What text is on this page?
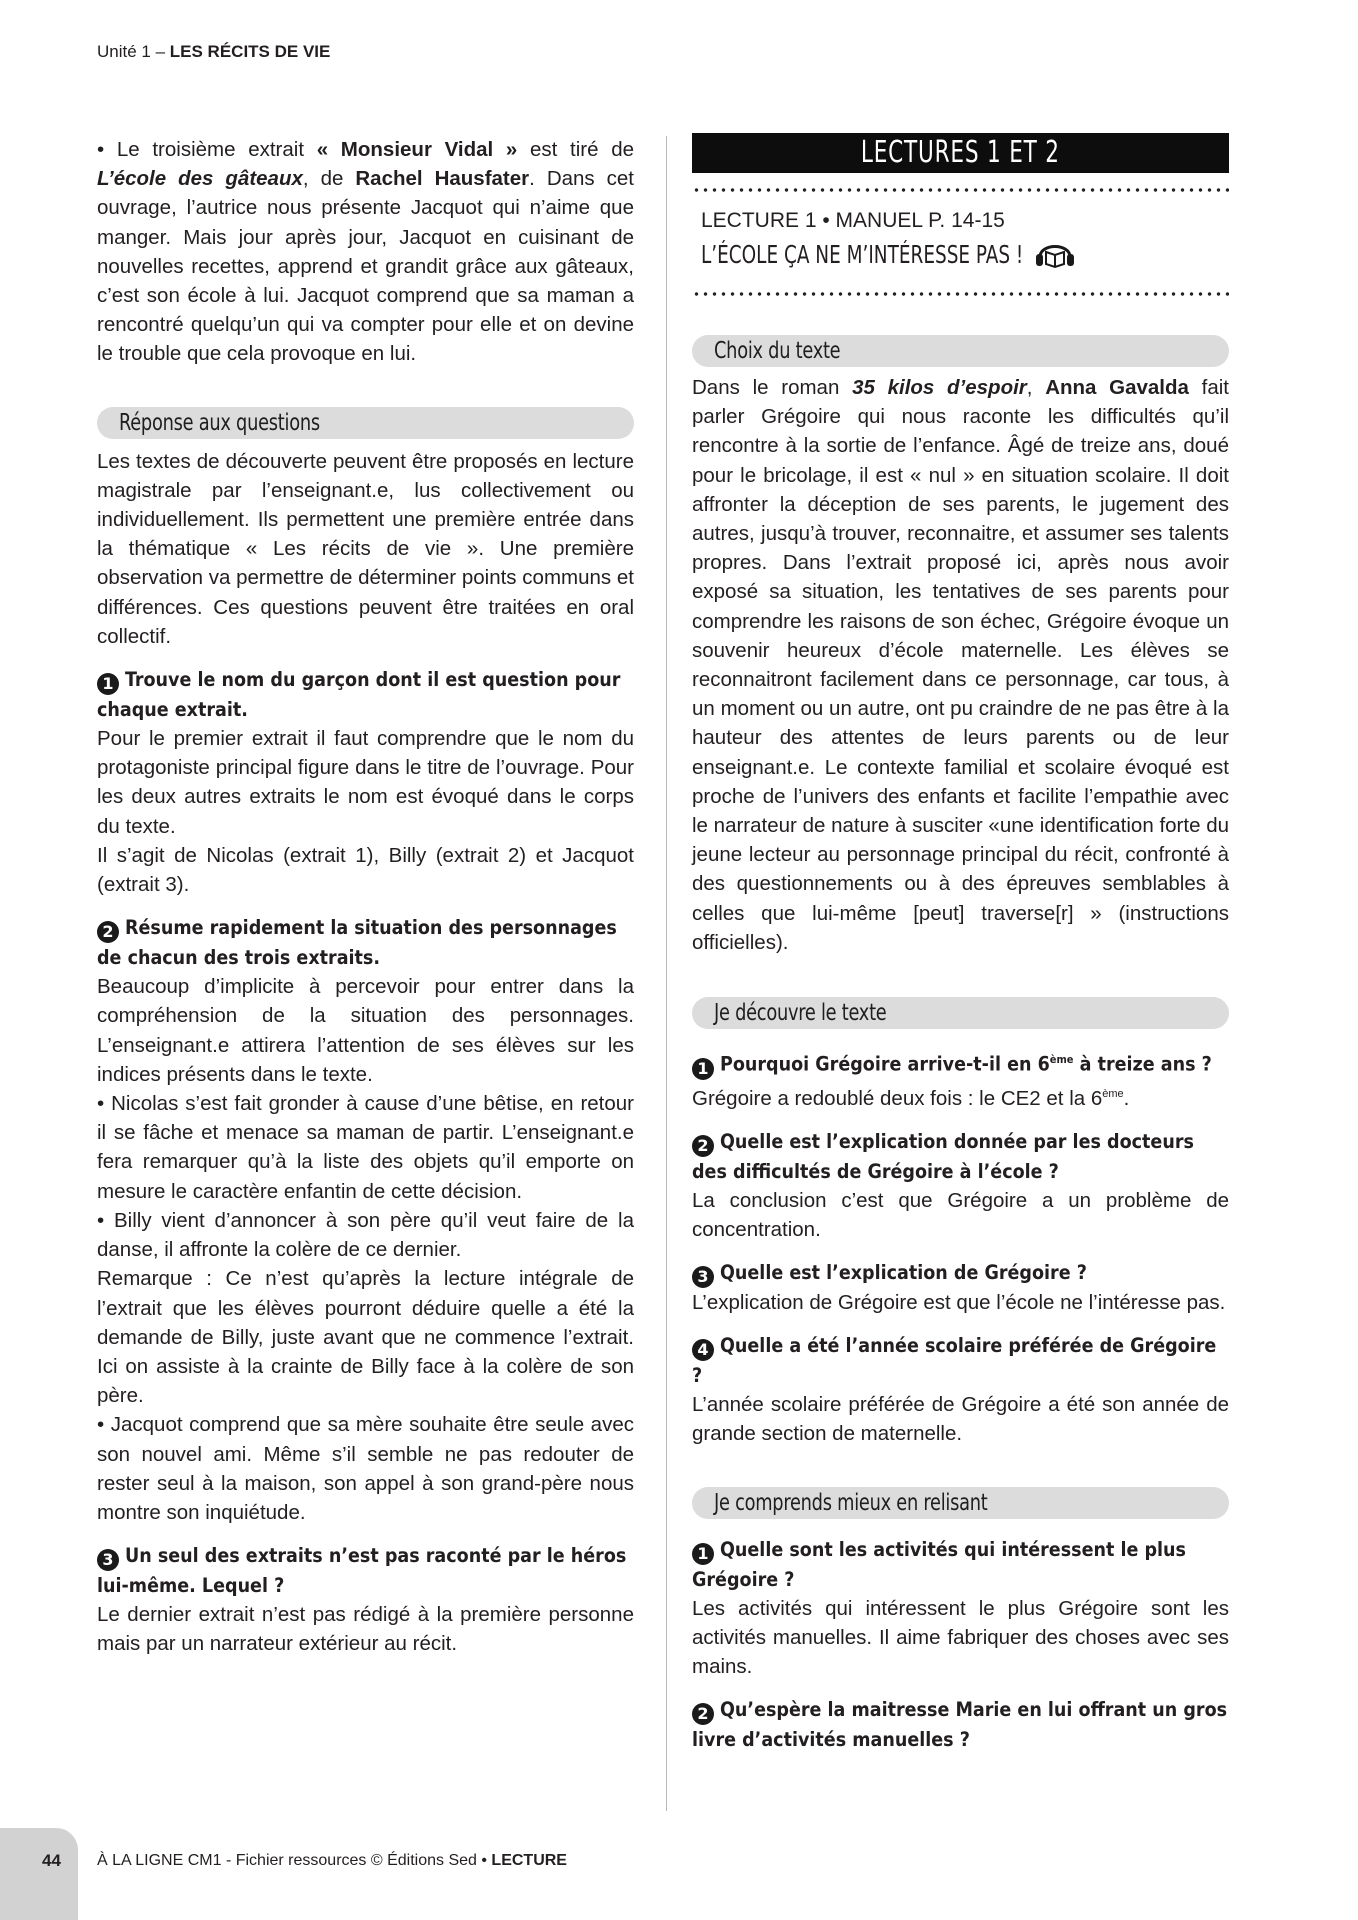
Unité 1 – LES RÉCITS DE VIE

• Le troisième extrait « Monsieur Vidal » est tiré de L’école des gâteaux, de Rachel Hausfater. Dans cet ouvrage, l’autrice nous présente Jacquot qui n’aime que manger. Mais jour après jour, Jacquot en cuisinant de nouvelles recettes, apprend et grandit grâce aux gâteaux, c’est son école à lui. Jacquot comprend que sa maman a rencontré quelqu’un qui va compter pour elle et on devine le trouble que cela provoque en lui.

Réponse aux questions

Les textes de découverte peuvent être proposés en lecture magistrale par l’enseignant.e, lus collectivement ou individuellement. Ils permettent une première entrée dans la thématique « Les récits de vie ». Une première observation va permettre de déterminer points communs et différences. Ces questions peuvent être traitées en oral collectif.

1 Trouve le nom du garçon dont il est question pour chaque extrait.

Pour le premier extrait il faut comprendre que le nom du protagoniste principal figure dans le titre de l’ouvrage. Pour les deux autres extraits le nom est évoqué dans le corps du texte.

Il s’agit de Nicolas (extrait 1), Billy (extrait 2) et Jacquot (extrait 3).

2 Résume rapidement la situation des personnages de chacun des trois extraits.

Beaucoup d’implicite à percevoir pour entrer dans la compréhension de la situation des personnages. L’enseignant.e attirera l’attention de ses élèves sur les indices présents dans le texte.

• Nicolas s’est fait gronder à cause d’une bêtise, en retour il se fâche et menace sa maman de partir. L’enseignant.e fera remarquer qu’à la liste des objets qu’il emporte on mesure le caractère enfantin de cette décision.

• Billy vient d’annoncer à son père qu’il veut faire de la danse, il affronte la colère de ce dernier.

Remarque : Ce n’est qu’après la lecture intégrale de l’extrait que les élèves pourront déduire quelle a été la demande de Billy, juste avant que ne commence l’extrait. Ici on assiste à la crainte de Billy face à la colère de son père.

• Jacquot comprend que sa mère souhaite être seule avec son nouvel ami. Même s’il semble ne pas redouter de rester seul à la maison, son appel à son grand-père nous montre son inquiétude.

3 Un seul des extraits n’est pas raconté par le héros lui-même. Lequel ?

Le dernier extrait n’est pas rédigé à la première personne mais par un narrateur extérieur au récit.

LECTURES 1 ET 2

LECTURE 1 • MANUEL P. 14-15

L’ÉCOLE ÇA NE M’INTÉRESSE PAS !

Choix du texte

Dans le roman 35 kilos d’espoir, Anna Gavalda fait parler Grégoire qui nous raconte les difficultés qu’il rencontre à la sortie de l’enfance. Âgé de treize ans, doué pour le bricolage, il est « nul » en situation scolaire. Il doit affronter la déception de ses parents, le jugement des autres, jusqu’à trouver, reconnaitre, et assumer ses talents propres. Dans l’extrait proposé ici, après nous avoir exposé sa situation, les tentatives de ses parents pour comprendre les raisons de son échec, Grégoire évoque un souvenir heureux d’école maternelle. Les élèves se reconnaitront facilement dans ce personnage, car tous, à un moment ou un autre, ont pu craindre de ne pas être à la hauteur des attentes de leurs parents ou de leur enseignant.e. Le contexte familial et scolaire évoqué est proche de l’univers des enfants et facilite l’empathie avec le narrateur de nature à susciter «une identification forte du jeune lecteur au personnage principal du récit, confronté à des questionnements ou à des épreuves semblables à celles que lui-même [peut] traverse[r] » (instructions officielles).

Je découvre le texte

1 Pourquoi Grégoire arrive-t-il en 6ème à treize ans ?

Grégoire a redoublé deux fois : le CE2 et la 6ème.

2 Quelle est l’explication donnée par les docteurs des difficultés de Grégoire à l’école ?

La conclusion c’est que Grégoire a un problème de concentration.

3 Quelle est l’explication de Grégoire ?

L’explication de Grégoire est que l’école ne l’intéresse pas.

4 Quelle a été l’année scolaire préférée de Grégoire ?

L’année scolaire préférée de Grégoire a été son année de grande section de maternelle.

Je comprends mieux en relisant

1 Quelle sont les activités qui intéressent le plus Grégoire ?

Les activités qui intéressent le plus Grégoire sont les activités manuelles. Il aime fabriquer des choses avec ses mains.

2 Qu’espère la maitresse Marie en lui offrant un gros livre d’activités manuelles ?

44 À LA LIGNE CM1 - Fichier ressources © Éditions Sed • LECTURE
